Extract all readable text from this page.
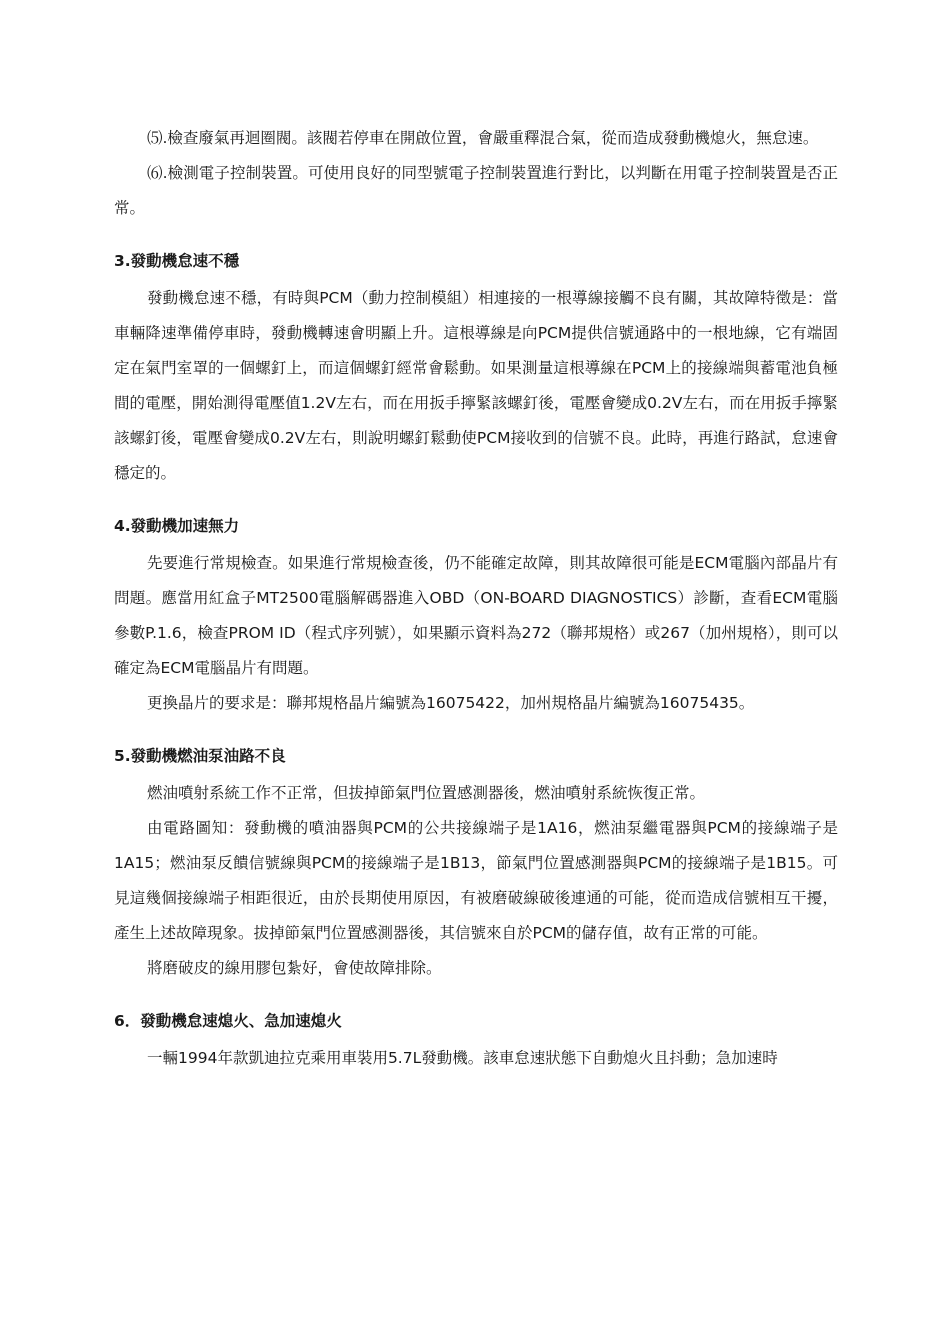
⑸.檢查廢氣再迴圈閥。該閥若停車在開啟位置，會嚴重釋混合氣，從而造成發動機熄火，無怠速。

⑹.檢測電子控制裝置。可使用良好的同型號電子控制裝置進行對比，以判斷在用電子控制裝置是否正常。

3.發動機怠速不穩

發動機怠速不穩，有時與PCM（動力控制模組）相連接的一根導線接觸不良有關，其故障特徵是：當車輛降速準備停車時，發動機轉速會明顯上升。這根導線是向PCM提供信號通路中的一根地線，它有端固定在氣門室罩的一個螺釘上，而這個螺釘經常會鬆動。如果測量這根導線在PCM上的接線端與蓄電池負極間的電壓，開始測得電壓值1.2V左右，而在用扳手擰緊該螺釘後，電壓會變成0.2V左右，而在用扳手擰緊該螺釘後，電壓會變成0.2V左右，則說明螺釘鬆動使PCM接收到的信號不良。此時，再進行路試，怠速會穩定的。

4.發動機加速無力

先要進行常規檢查。如果進行常規檢查後，仍不能確定故障，則其故障很可能是ECM電腦內部晶片有問題。應當用紅盒子MT2500電腦解碼器進入OBD（ON-BOARD DIAGNOSTICS）診斷，查看ECM電腦參數P.1.6，檢查PROM ID（程式序列號），如果顯示資料為272（聯邦規格）或267（加州規格），則可以確定為ECM電腦晶片有問題。

更換晶片的要求是：聯邦規格晶片編號為16075422，加州規格晶片編號為16075435。

5.發動機燃油泵油路不良

燃油噴射系統工作不正常，但拔掉節氣門位置感測器後，燃油噴射系統恢復正常。

由電路圖知：發動機的噴油器與PCM的公共接線端子是1A16，燃油泵繼電器與PCM的接線端子是1A15；燃油泵反饋信號線與PCM的接線端子是1B13，節氣門位置感測器與PCM的接線端子是1B15。可見這幾個接線端子相距很近，由於長期使用原因，有被磨破線破後連通的可能，從而造成信號相互干擾，產生上述故障現象。拔掉節氣門位置感測器後，其信號來自於PCM的儲存值，故有正常的可能。

將磨破皮的線用膠包紮好，會使故障排除。

6．發動機怠速熄火、急加速熄火

一輛1994年款凱迪拉克乘用車裝用5.7L發動機。該車怠速狀態下自動熄火且抖動；急加速時
